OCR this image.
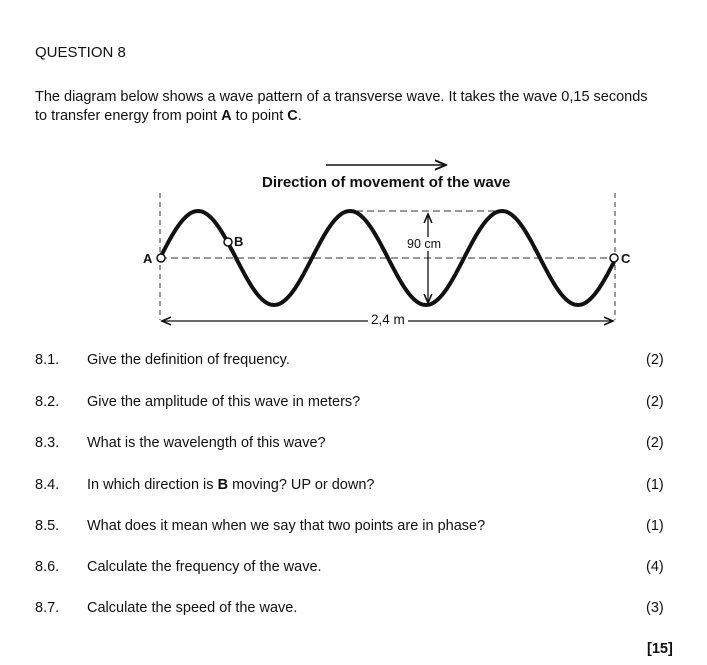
QUESTION 8
The diagram below shows a wave pattern of a transverse wave. It takes the wave 0,15 seconds
to transfer energy from point A to point C.
Direction of movement of the wave
A
B
C
90 cm
2,4 m
8.1. Give the definition of frequency.	(2)
8.2. Give the amplitude of this wave in meters?	(2)
8.3. What is the wavelength of this wave?	(2)
8.4. In which direction is B moving? UP or down?	(1)
8.5. What does it mean when we say that two points are in phase?	(1)
8.6. Calculate the frequency of the wave.	(4)
8.7. Calculate the speed of the wave.	(3)
[15]
